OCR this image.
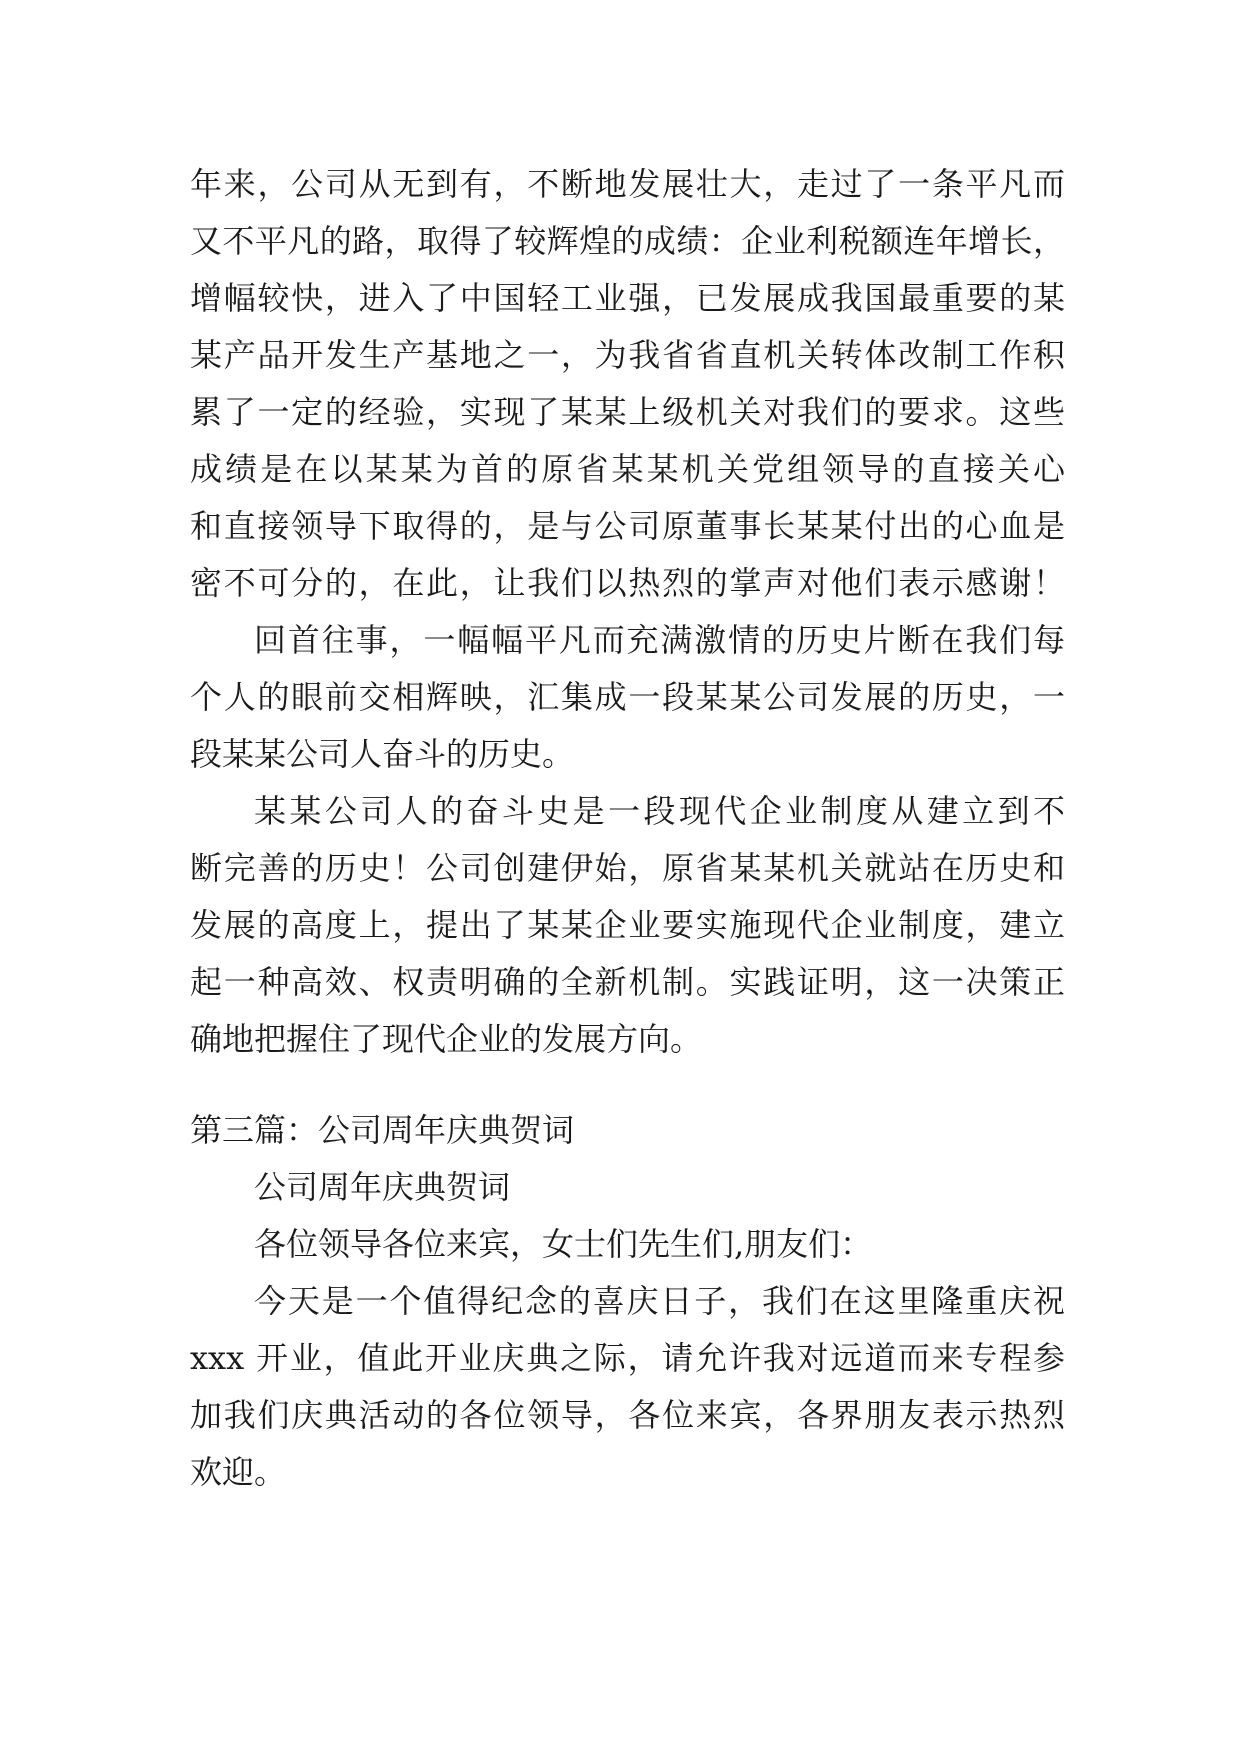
年来，公司从无到有，不断地发展壮大，走过了一条平凡而
又不平凡的路，取得了较辉煌的成绩：企业利税额连年增长，
增幅较快，进入了中国轻工业强，已发展成我国最重要的某
某产品开发生产基地之一，为我省省直机关转体改制工作积
累了一定的经验，实现了某某上级机关对我们的要求。这些
成绩是在以某某为首的原省某某机关党组领导的直接关心
和直接领导下取得的，是与公司原董事长某某付出的心血是
密不可分的，在此，让我们以热烈的掌声对他们表示感谢！
回首往事，一幅幅平凡而充满激情的历史片断在我们每
个人的眼前交相辉映，汇集成一段某某公司发展的历史，一
段某某公司人奋斗的历史。
某某公司人的奋斗史是一段现代企业制度从建立到不
断完善的历史！公司创建伊始，原省某某机关就站在历史和
发展的高度上，提出了某某企业要实施现代企业制度，建立
起一种高效、权责明确的全新机制。实践证明，这一决策正
确地把握住了现代企业的发展方向。
第三篇：公司周年庆典贺词
公司周年庆典贺词
各位领导各位来宾，女士们先生们,朋友们：
今天是一个值得纪念的喜庆日子，我们在这里隆重庆祝
xxx 开业，值此开业庆典之际，请允许我对远道而来专程参
加我们庆典活动的各位领导，各位来宾，各界朋友表示热烈
欢迎。
